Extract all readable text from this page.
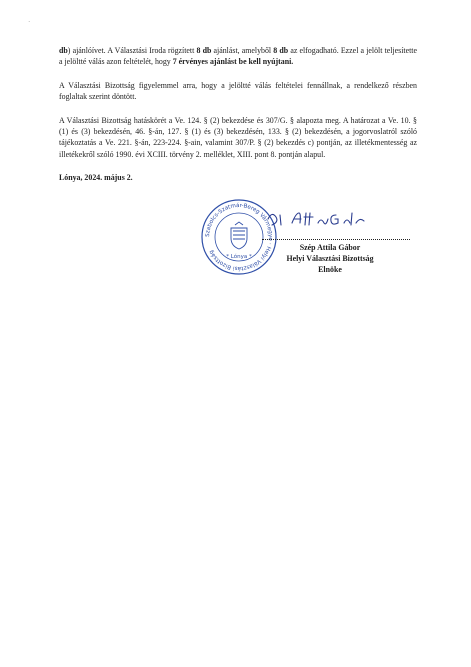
·

db) ajánlóívet. A Választási Iroda rögzített 8 db ajánlást, amelyből 8 db az elfogadható. Ezzel a jelölt teljesítette a jelöltté válás azon feltételét, hogy 7 érvényes ajánlást be kell nyújtani.

A Választási Bizottság figyelemmel arra, hogy a jelöltté válás feltételei fennállnak, a rendelkező részben foglaltak szerint döntött.

A Választási Bizottság hatáskörét a Ve. 124. § (2) bekezdése és 307/G. § alapozta meg. A határozat a Ve. 10. § (1) és (3) bekezdésén, 46. §-án, 127. § (1) és (3) bekezdésén, 133. § (2) bekezdésén, a jogorvoslatról szóló tájékoztatás a Ve. 221. §-án, 223-224. §-ain, valamint 307/P. § (2) bekezdés c) pontján, az illetékmentesség az illetékekről szóló 1990. évi XCIII. törvény 2. melléklet, XIII. pont 8. pontján alapul.

Lónya, 2024. május 2.
Szabolcs-Szatmár-Bereg Vármegye · Helyi Választási Bizottság
* Lónya *
Szép Attila Gábor
Helyi Választási Bizottság
Elnöke
